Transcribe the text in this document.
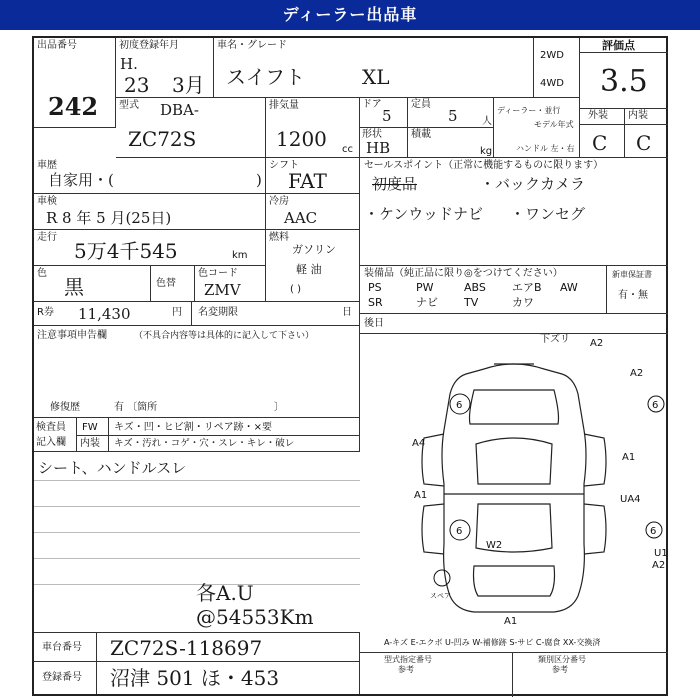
ディーラー出品車
出品番号
242
初度登録年月
H.
23 3月
車名・グレード
スイフト	XL
2WD
4WD
評価点
3.5
外装 内装
C C
型式 DBA-
ZC72S
排気量
1200 cc
ドア
5
定員
5 人
形状
HB
積載
kg
ディーラー・並行
モデル年式
ハンドル 左・右
車歴
自家用・(	)
シフト
FAT
車検
R 8 年 5 月(25日)
冷房
AAC
走行
5万4千545	km
燃料
ガソリン
軽 油
( )
色
黒	色替
色コード
ZMV
R券 11,430	円 名変期限	日
注意事項申告欄	（不具合内容等は具体的に記入して下さい）
修復歴	有 〔箇所	〕
検査員
記入欄
FW キズ・凹・ヒビ割・リペア跡・×要
内装 キズ・汚れ・コゲ・穴・スレ・キレ・破レ
シート、ハンドルスレ
各A.U
@54553Km
車台番号 ZC72S-118697
登録番号 沼津 501 ほ・453
セールスポイント（正常に機能するものに限ります）
初度品	・バックカメラ
・ケンウッドナビ ・ワンセグ
装備品（純正品に限り◎をつけてください）	新車保証書
有・無
PS	PW	ABS エアB AW
SR	ナビ TV	カワ
後日
下ズリ A2
A2
6	6
A4
A1
A1
UA4
6	6
W2
U1
A2
A1
スペア
A-キズ E-エクボ U-凹み W-補修跡 S-サビ C-腐食 XX-交換済
型式指定番号
参考
類別区分番号
参考
